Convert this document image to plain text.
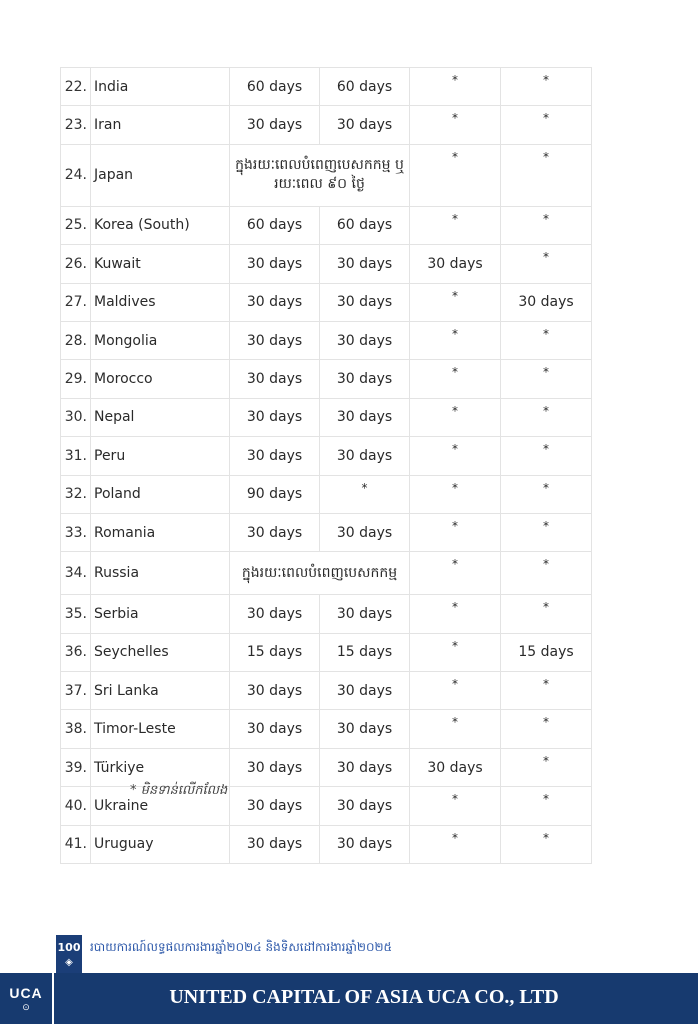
22.	India	60 days	60 days	*	*
23.	Iran	30 days	30 days	*	*
24.	Japan	ក្នុងរយៈពេលបំពេញបេសកកម្ម ឬ រយៈពេល ៩០ ថ្ងៃ		*	*
25.	Korea (South)	60 days	60 days	*	*
26.	Kuwait	30 days	30 days	30 days	*
27.	Maldives	30 days	30 days	*	30 days
28.	Mongolia	30 days	30 days	*	*
29.	Morocco	30 days	30 days	*	*
30.	Nepal	30 days	30 days	*	*
31.	Peru	30 days	30 days	*	*
32.	Poland	90 days	*	*	*
33.	Romania	30 days	30 days	*	*
34.	Russia	ក្នុងរយៈពេលបំពេញបេសកកម្ម		*	*
35.	Serbia	30 days	30 days	*	*
36.	Seychelles	15 days	15 days	*	15 days
37.	Sri Lanka	30 days	30 days	*	*
38.	Timor-Leste	30 days	30 days	*	*
39.	Türkiye	30 days	30 days	30 days	*
40.	Ukraine	30 days	30 days	*	*
41.	Uruguay	30 days	30 days	*	*
* មិនទាន់លើកលែង
100
◈
របាយការណ៍លទ្ធផលការងារឆ្នាំ២០២៤ និងទិសដៅការងារឆ្នាំ២០២៥
UCA
⊙	UNITED CAPITAL OF ASIA UCA CO., LTD
